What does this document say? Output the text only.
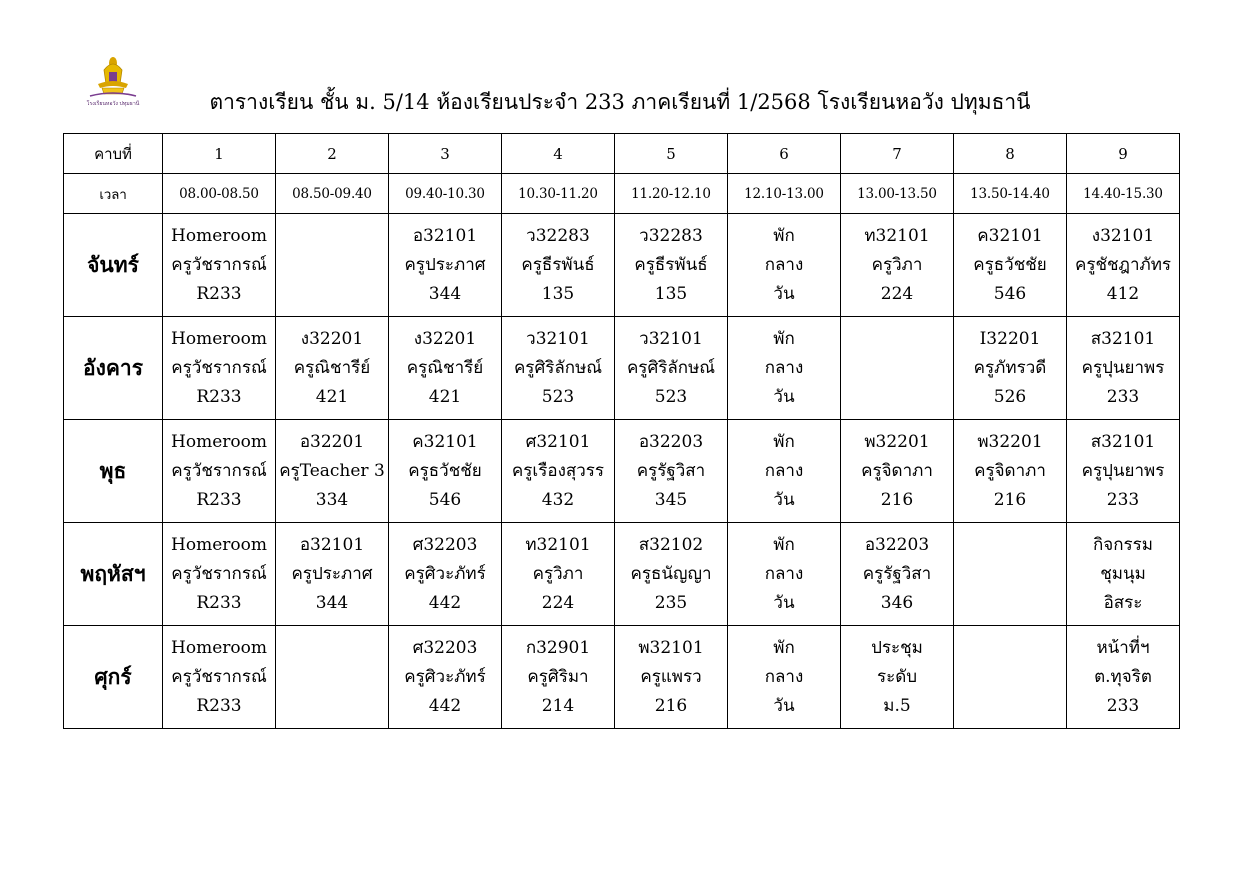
โรงเรียนหอวัง ปทุมธานี	ตารางเรียน ชั้น ม. 5/14 ห้องเรียนประจำ 233 ภาคเรียนที่ 1/2568 โรงเรียนหอวัง ปทุมธานี
คาบที่	1	2	3	4	5	6	7	8	9
เวลา	08.00-08.50	08.50-09.40	09.40-10.30	10.30-11.20	11.20-12.10	12.10-13.00	13.00-13.50	13.50-14.40	14.40-15.30
จันทร์	Homeroom
ครูวัชรากรณ์
R233		อ32101
ครูประภาศ
344	ว32283
ครูธีรพันธ์
135	ว32283
ครูธีรพันธ์
135	พัก
กลาง
วัน	ท32101
ครูวิภา
224	ค32101
ครูธวัชชัย
546	ง32101
ครูชัชฎาภัทร
412

อังคาร	Homeroom
ครูวัชรากรณ์
R233	ง32201
ครูณิชารีย์
421	ง32201
ครูณิชารีย์
421	ว32101
ครูศิริลักษณ์
523	ว32101
ครูศิริลักษณ์
523	พัก
กลาง
วัน		I32201
ครูภัทรวดี
526	ส32101
ครูปุนยาพร
233

พุธ	Homeroom
ครูวัชรากรณ์
R233	อ32201
ครูTeacher 3
334	ค32101
ครูธวัชชัย
546	ศ32101
ครูเรืองสุวรร
432	อ32203
ครูรัฐวิสา
345	พัก
กลาง
วัน	พ32201
ครูจิดาภา
216	พ32201
ครูจิดาภา
216	ส32101
ครูปุนยาพร
233

พฤหัสฯ	Homeroom
ครูวัชรากรณ์
R233	อ32101
ครูประภาศ
344	ศ32203
ครูศิวะภัทร์
442	ท32101
ครูวิภา
224	ส32102
ครูธนัญญา
235	พัก
กลาง
วัน	อ32203
ครูรัฐวิสา
346		กิจกรรม
ชุมนุม
อิสระ

ศุกร์	Homeroom
ครูวัชรากรณ์
R233		ศ32203
ครูศิวะภัทร์
442	ก32901
ครูศิริมา
214	พ32101
ครูแพรว
216	พัก
กลาง
วัน	ประชุม
ระดับ
ม.5		หน้าที่ฯ
ต.ทุจริต
233
